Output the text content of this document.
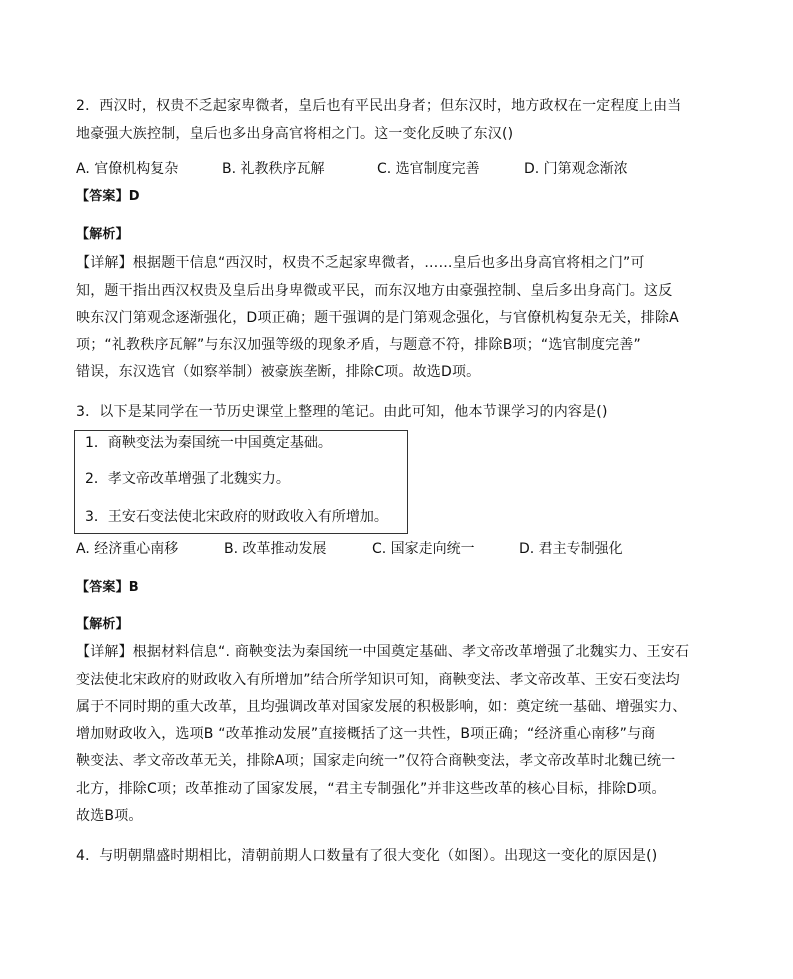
2．西汉时，权贵不乏起家卑微者，皇后也有平民出身者；但东汉时，地方政权在一定程度上由当
地豪强大族控制，皇后也多出身高官将相之门。这一变化反映了东汉()
A. 官僚机构复杂	B. 礼教秩序瓦解	C. 选官制度完善	D. 门第观念渐浓
【答案】D
【解析】
【详解】根据题干信息“西汉时，权贵不乏起家卑微者，……皇后也多出身高官将相之门”可
知，题干指出西汉权贵及皇后出身卑微或平民，而东汉地方由豪强控制、皇后多出身高门。这反
映东汉门第观念逐渐强化，D项正确；题干强调的是门第观念强化，与官僚机构复杂无关，排除A
项；“礼教秩序瓦解”与东汉加强等级的现象矛盾，与题意不符，排除B项；“选官制度完善”
错误，东汉选官（如察举制）被豪族垄断，排除C项。故选D项。
3．以下是某同学在一节历史课堂上整理的笔记。由此可知，他本节课学习的内容是()
1．商鞅变法为秦国统一中国奠定基础。
2．孝文帝改革增强了北魏实力。
3．王安石变法使北宋政府的财政收入有所增加。
A. 经济重心南移	B. 改革推动发展	C. 国家走向统一	D. 君主专制强化
【答案】B
【解析】
【详解】根据材料信息“. 商鞅变法为秦国统一中国奠定基础、孝文帝改革增强了北魏实力、王安石
变法使北宋政府的财政收入有所增加”结合所学知识可知，商鞅变法、孝文帝改革、王安石变法均
属于不同时期的重大改革，且均强调改革对国家发展的积极影响，如：奠定统一基础、增强实力、
增加财政收入，选项B “改革推动发展”直接概括了这一共性，B项正确；“经济重心南移”与商
鞅变法、孝文帝改革无关，排除A项；国家走向统一”仅符合商鞅变法，孝文帝改革时北魏已统一
北方，排除C项；改革推动了国家发展，“君主专制强化”并非这些改革的核心目标，排除D项。
故选B项。
4．与明朝鼎盛时期相比，清朝前期人口数量有了很大变化（如图）。出现这一变化的原因是()
